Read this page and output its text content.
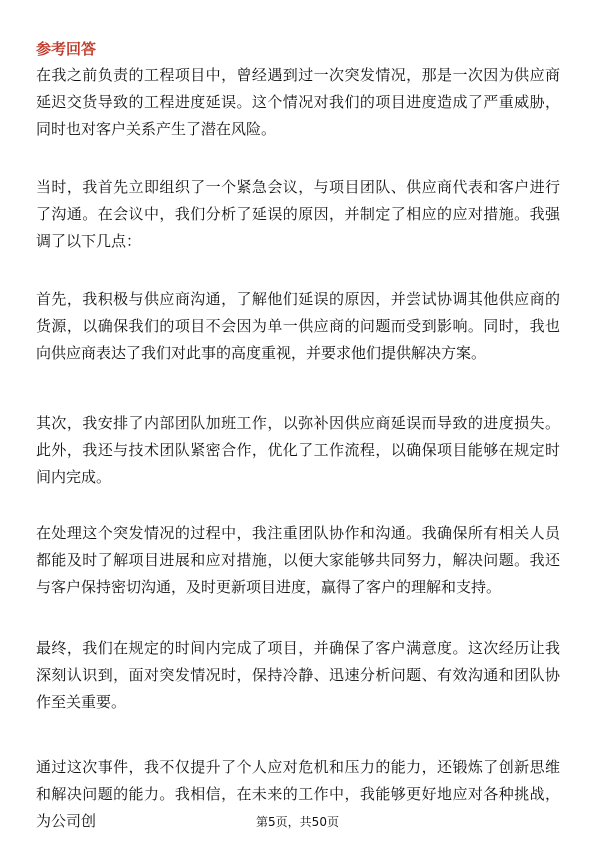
参考回答

在我之前负责的工程项目中，曾经遇到过一次突发情况，那是一次因为供应商延迟交货导致的工程进度延误。这个情况对我们的项目进度造成了严重威胁，同时也对客户关系产生了潜在风险。

当时，我首先立即组织了一个紧急会议，与项目团队、供应商代表和客户进行了沟通。在会议中，我们分析了延误的原因，并制定了相应的应对措施。我强调了以下几点：

首先，我积极与供应商沟通，了解他们延误的原因，并尝试协调其他供应商的货源，以确保我们的项目不会因为单一供应商的问题而受到影响。同时，我也向供应商表达了我们对此事的高度重视，并要求他们提供解决方案。

其次，我安排了内部团队加班工作，以弥补因供应商延误而导致的进度损失。此外，我还与技术团队紧密合作，优化了工作流程，以确保项目能够在规定时间内完成。

在处理这个突发情况的过程中，我注重团队协作和沟通。我确保所有相关人员都能及时了解项目进展和应对措施，以便大家能够共同努力，解决问题。我还与客户保持密切沟通，及时更新项目进度，赢得了客户的理解和支持。

最终，我们在规定的时间内完成了项目，并确保了客户满意度。这次经历让我深刻认识到，面对突发情况时，保持冷静、迅速分析问题、有效沟通和团队协作至关重要。

通过这次事件，我不仅提升了个人应对危机和压力的能力，还锻炼了创新思维和解决问题的能力。我相信，在未来的工作中，我能够更好地应对各种挑战，为公司创	第5页，共50页
